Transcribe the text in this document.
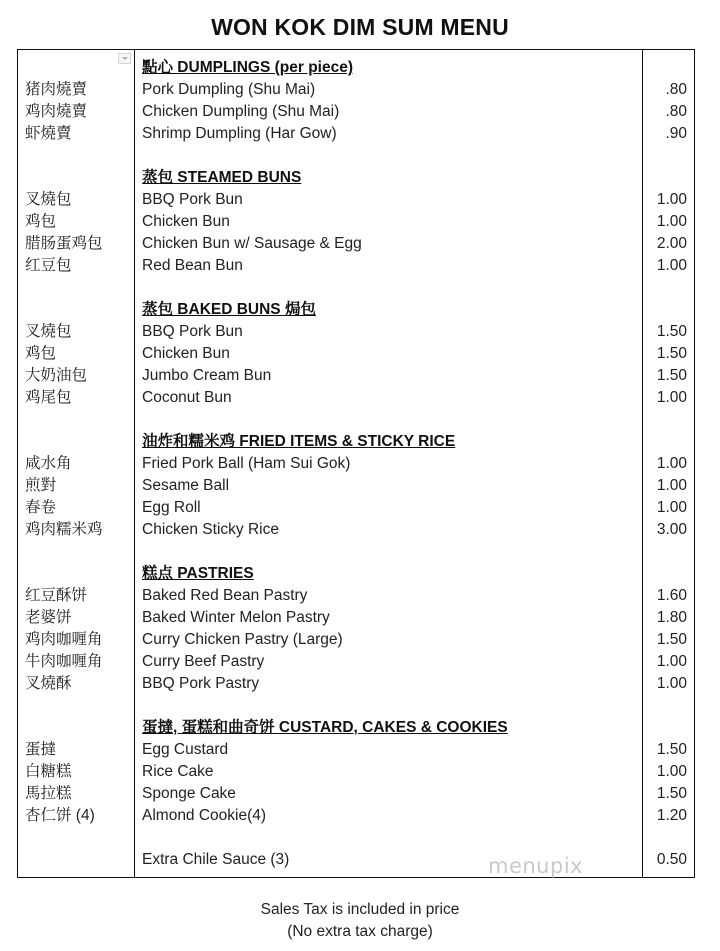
WON KOK DIM SUM MENU
點心 DUMPLINGS (per piece)
猪肉燒賣	Pork Dumpling (Shu Mai)	.80
鸡肉燒賣	Chicken Dumpling (Shu Mai)	.80
虾燒賣	Shrimp Dumpling (Har Gow)	.90
蒸包 STEAMED BUNS
叉燒包	BBQ Pork Bun	1.00
鸡包	Chicken Bun	1.00
腊肠蛋鸡包	Chicken Bun w/ Sausage & Egg	2.00
红豆包	Red Bean Bun	1.00
蒸包 BAKED BUNS 焗包
叉燒包	BBQ Pork Bun	1.50
鸡包	Chicken Bun	1.50
大奶油包	Jumbo Cream Bun	1.50
鸡尾包	Coconut Bun	1.00
油炸和糯米鸡 FRIED ITEMS & STICKY RICE
咸水角	Fried Pork Ball (Ham Sui Gok)	1.00
煎對	Sesame Ball	1.00
春卷	Egg Roll	1.00
鸡肉糯米鸡	Chicken Sticky Rice	3.00
糕点 PASTRIES
红豆酥饼	Baked Red Bean Pastry	1.60
老婆饼	Baked Winter Melon Pastry	1.80
鸡肉咖喱角	Curry Chicken Pastry (Large)	1.50
牛肉咖喱角	Curry Beef Pastry	1.00
叉燒酥	BBQ Pork Pastry	1.00
蛋撻, 蛋糕和曲奇饼 CUSTARD, CAKES & COOKIES
蛋撻	Egg Custard	1.50
白糖糕	Rice Cake	1.00
馬拉糕	Sponge Cake	1.50
杏仁饼 (4)	Almond Cookie(4)	1.20
Extra Chile Sauce (3)	0.50
menupix
Sales Tax is included in price
(No extra tax charge)
